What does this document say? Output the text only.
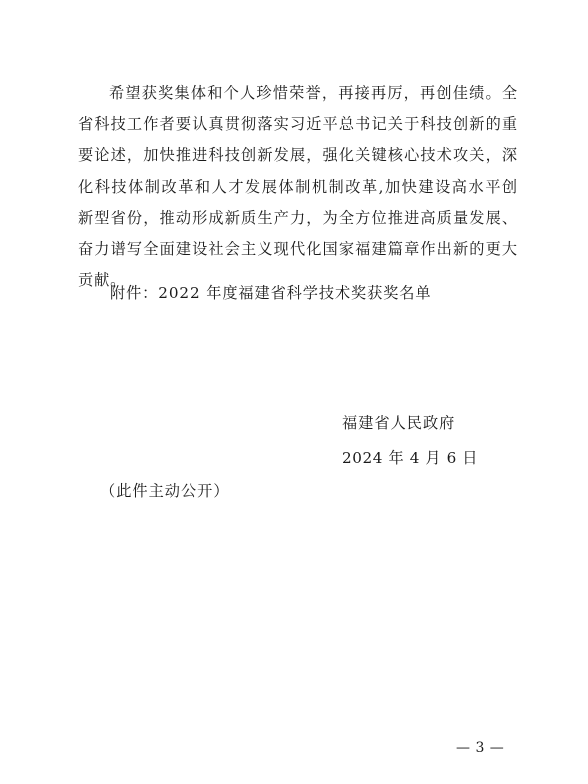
希望获奖集体和个人珍惜荣誉，再接再厉，再创佳绩。全省科技工作者要认真贯彻落实习近平总书记关于科技创新的重要论述，加快推进科技创新发展，强化关键核心技术攻关，深化科技体制改革和人才发展体制机制改革,加快建设高水平创新型省份，推动形成新质生产力，为全方位推进高质量发展、奋力谱写全面建设社会主义现代化国家福建篇章作出新的更大贡献。

附件：2022 年度福建省科学技术奖获奖名单

福建省人民政府

2024 年 4 月 6 日

（此件主动公开）

— 3 —
